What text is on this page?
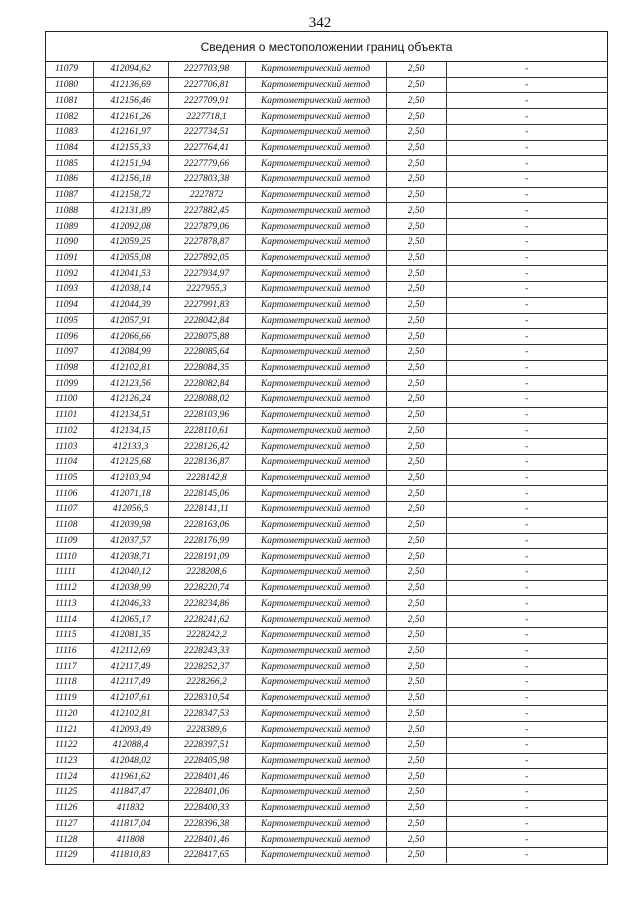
342
Сведения о местоположении границ объекта
11079	412094,62	2227703,98	Картометрический метод	2,50	-
11080	412136,69	2227706,81	Картометрический метод	2,50	-
11081	412156,46	2227709,91	Картометрический метод	2,50	-
11082	412161,26	2227718,1	Картометрический метод	2,50	-
11083	412161,97	2227734,51	Картометрический метод	2,50	-
11084	412155,33	2227764,41	Картометрический метод	2,50	-
11085	412151,94	2227779,66	Картометрический метод	2,50	-
11086	412156,18	2227803,38	Картометрический метод	2,50	-
11087	412158,72	2227872	Картометрический метод	2,50	-
11088	412131,89	2227882,45	Картометрический метод	2,50	-
11089	412092,08	2227879,06	Картометрический метод	2,50	-
11090	412059,25	2227878,87	Картометрический метод	2,50	-
11091	412055,08	2227892,05	Картометрический метод	2,50	-
11092	412041,53	2227934,97	Картометрический метод	2,50	-
11093	412038,14	2227955,3	Картометрический метод	2,50	-
11094	412044,39	2227991,83	Картометрический метод	2,50	-
11095	412057,91	2228042,84	Картометрический метод	2,50	-
11096	412066,66	2228075,88	Картометрический метод	2,50	-
11097	412084,99	2228085,64	Картометрический метод	2,50	-
11098	412102,81	2228084,35	Картометрический метод	2,50	-
11099	412123,56	2228082,84	Картометрический метод	2,50	-
11100	412126,24	2228088,02	Картометрический метод	2,50	-
11101	412134,51	2228103,96	Картометрический метод	2,50	-
11102	412134,15	2228110,61	Картометрический метод	2,50	-
11103	412133,3	2228126,42	Картометрический метод	2,50	-
11104	412125,68	2228136,87	Картометрический метод	2,50	-
11105	412103,94	2228142,8	Картометрический метод	2,50	-
11106	412071,18	2228145,06	Картометрический метод	2,50	-
11107	412056,5	2228141,11	Картометрический метод	2,50	-
11108	412039,98	2228163,06	Картометрический метод	2,50	-
11109	412037,57	2228176,99	Картометрический метод	2,50	-
11110	412038,71	2228191,09	Картометрический метод	2,50	-
11111	412040,12	2228208,6	Картометрический метод	2,50	-
11112	412038,99	2228220,74	Картометрический метод	2,50	-
11113	412046,33	2228234,86	Картометрический метод	2,50	-
11114	412065,17	2228241,62	Картометрический метод	2,50	-
11115	412081,35	2228242,2	Картометрический метод	2,50	-
11116	412112,69	2228243,33	Картометрический метод	2,50	-
11117	412117,49	2228252,37	Картометрический метод	2,50	-
11118	412117,49	2228266,2	Картометрический метод	2,50	-
11119	412107,61	2228310,54	Картометрический метод	2,50	-
11120	412102,81	2228347,53	Картометрический метод	2,50	-
11121	412093,49	2228389,6	Картометрический метод	2,50	-
11122	412088,4	2228397,51	Картометрический метод	2,50	-
11123	412048,02	2228405,98	Картометрический метод	2,50	-
11124	411961,62	2228401,46	Картометрический метод	2,50	-
11125	411847,47	2228401,06	Картометрический метод	2,50	-
11126	411832	2228400,33	Картометрический метод	2,50	-
11127	411817,04	2228396,38	Картометрический метод	2,50	-
11128	411808	2228401,46	Картометрический метод	2,50	-
11129	411810,83	2228417,65	Картометрический метод	2,50	-
